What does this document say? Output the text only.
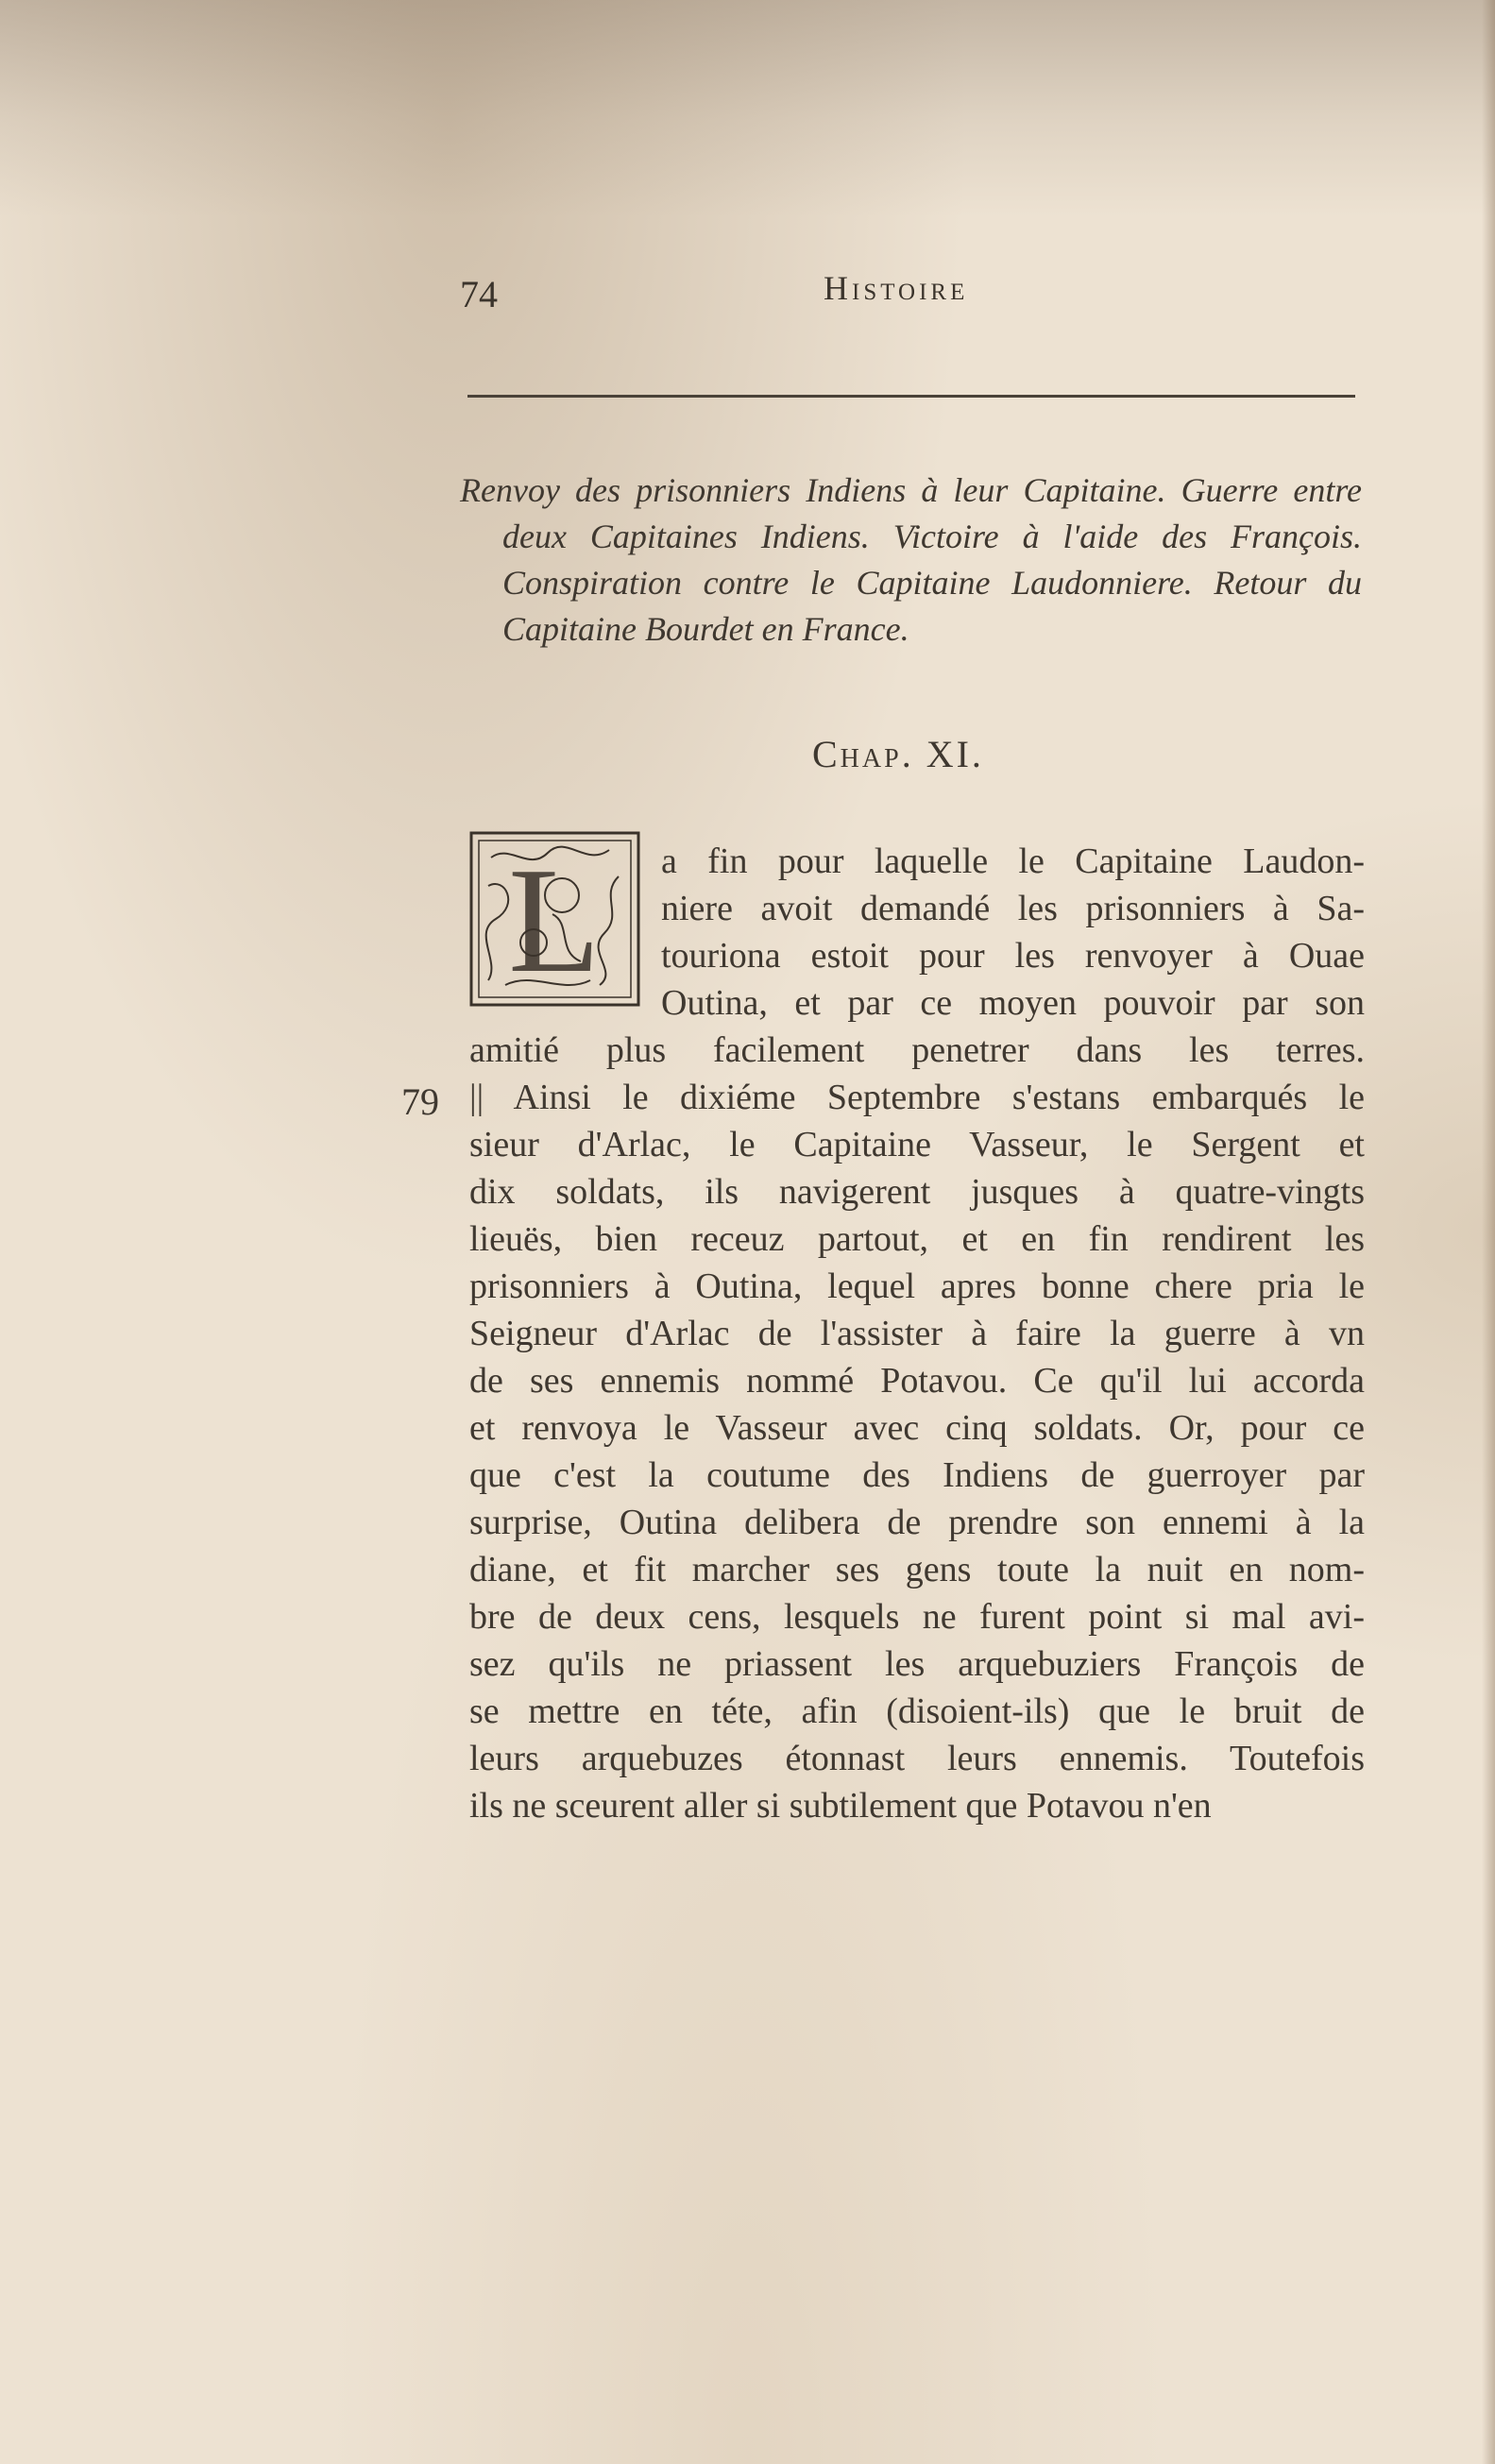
74	Histoire
Renvoy des prisonniers Indiens à leur Capitaine. Guerre entre deux Capitaines Indiens. Victoire à l'aide des François. Conspiration contre le Capitaine Laudonniere. Retour du Capitaine Bourdet en France.
Chap. XI.
L
79
a fin pour laquelle le Capitaine Laudon-
niere avoit demandé les prisonniers à Sa-
touriona estoit pour les renvoyer à Ouae
Outina, et par ce moyen pouvoir par son
amitié plus facilement penetrer dans les terres.
|| Ainsi le dixiéme Septembre s'estans embarqués le
sieur d'Arlac, le Capitaine Vasseur, le Sergent et
dix soldats, ils navigerent jusques à quatre-vingts
lieuës, bien receuz partout, et en fin rendirent les
prisonniers à Outina, lequel apres bonne chere pria le
Seigneur d'Arlac de l'assister à faire la guerre à vn
de ses ennemis nommé Potavou. Ce qu'il lui accorda
et renvoya le Vasseur avec cinq soldats. Or, pour ce
que c'est la coutume des Indiens de guerroyer par
surprise, Outina delibera de prendre son ennemi à la
diane, et fit marcher ses gens toute la nuit en nom-
bre de deux cens, lesquels ne furent point si mal avi-
sez qu'ils ne priassent les arquebuziers François de
se mettre en téte, afin (disoient-ils) que le bruit de
leurs arquebuzes étonnast leurs ennemis. Toutefois
ils ne sceurent aller si subtilement que Potavou n'en
